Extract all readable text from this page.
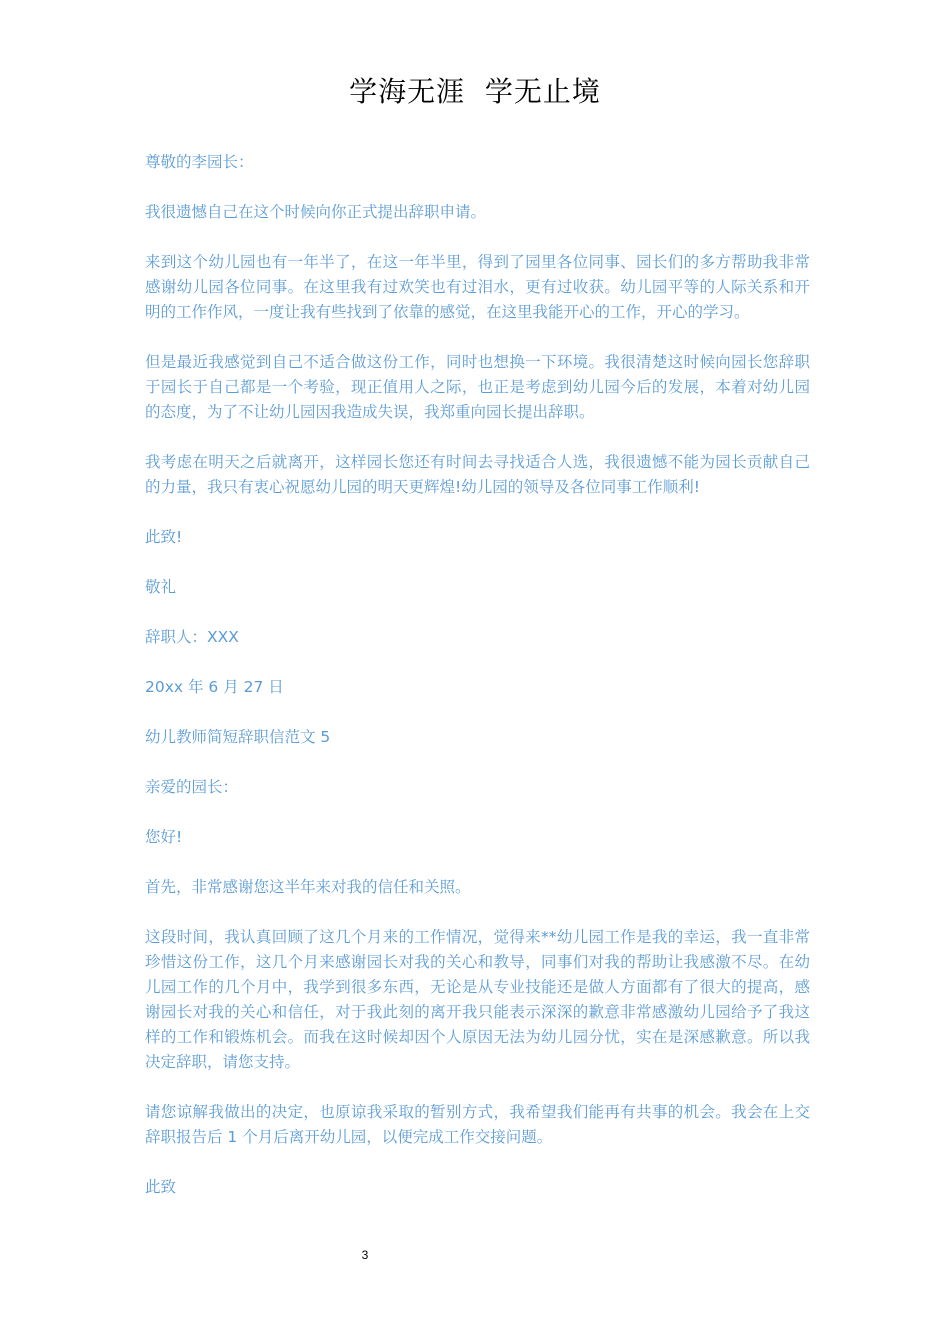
学海无涯  学无止境

尊敬的李园长：

我很遗憾自己在这个时候向你正式提出辞职申请。

来到这个幼儿园也有一年半了，在这一年半里，得到了园里各位同事、园长们的多方帮助我非常感谢幼儿园各位同事。在这里我有过欢笑也有过泪水，更有过收获。幼儿园平等的人际关系和开明的工作作风，一度让我有些找到了依靠的感觉，在这里我能开心的工作，开心的学习。

但是最近我感觉到自己不适合做这份工作，同时也想换一下环境。我很清楚这时候向园长您辞职于园长于自己都是一个考验，现正值用人之际，也正是考虑到幼儿园今后的发展，本着对幼儿园的态度，为了不让幼儿园因我造成失误，我郑重向园长提出辞职。

我考虑在明天之后就离开，这样园长您还有时间去寻找适合人选，我很遗憾不能为园长贡献自己的力量，我只有衷心祝愿幼儿园的明天更辉煌!幼儿园的领导及各位同事工作顺利!

此致!

敬礼

辞职人：XXX

20xx 年 6 月 27 日

幼儿教师简短辞职信范文 5

亲爱的园长：

您好!

首先，非常感谢您这半年来对我的信任和关照。

这段时间，我认真回顾了这几个月来的工作情况，觉得来**幼儿园工作是我的幸运，我一直非常珍惜这份工作，这几个月来感谢园长对我的关心和教导，同事们对我的帮助让我感激不尽。在幼儿园工作的几个月中，我学到很多东西，无论是从专业技能还是做人方面都有了很大的提高，感谢园长对我的关心和信任，对于我此刻的离开我只能表示深深的歉意非常感激幼儿园给予了我这样的工作和锻炼机会。而我在这时候却因个人原因无法为幼儿园分忧，实在是深感歉意。所以我决定辞职，请您支持。

请您谅解我做出的决定，也原谅我采取的暂别方式，我希望我们能再有共事的机会。我会在上交辞职报告后 1 个月后离开幼儿园，以便完成工作交接问题。

此致

3
